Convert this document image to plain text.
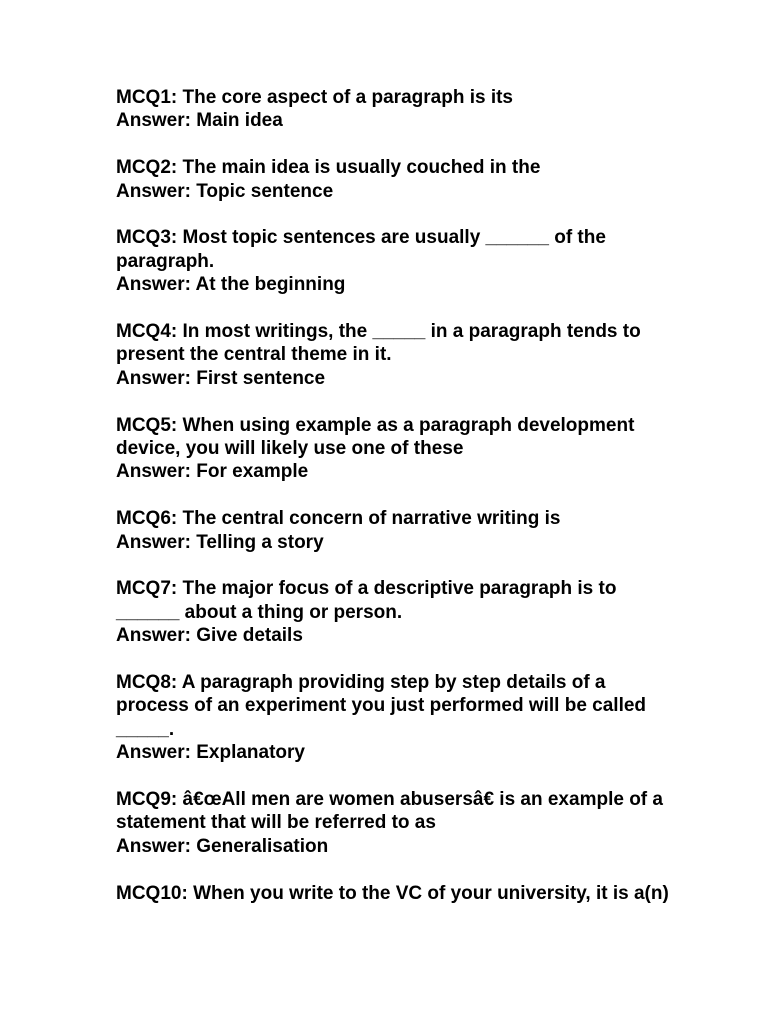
MCQ1: The core aspect of a paragraph is its
Answer: Main idea
MCQ2: The main idea is usually couched in the
Answer: Topic sentence
MCQ3: Most topic sentences are usually ______ of the paragraph.
Answer: At the beginning
MCQ4: In most writings, the _____ in a paragraph tends to present the central theme in it.
Answer: First sentence
MCQ5: When using example as a paragraph development device, you will likely use one of these
Answer: For example
MCQ6: The central concern of narrative writing is
Answer: Telling a story
MCQ7: The major focus of a descriptive paragraph is to ______ about a thing or person.
Answer: Give details
MCQ8: A paragraph providing step by step details of a process of an experiment you just performed will be called _____.
Answer: Explanatory
MCQ9: â€œAll men are women abusersâ€ is an example of a statement that will be referred to as
Answer: Generalisation
MCQ10: When you write to the VC of your university, it is a(n)
